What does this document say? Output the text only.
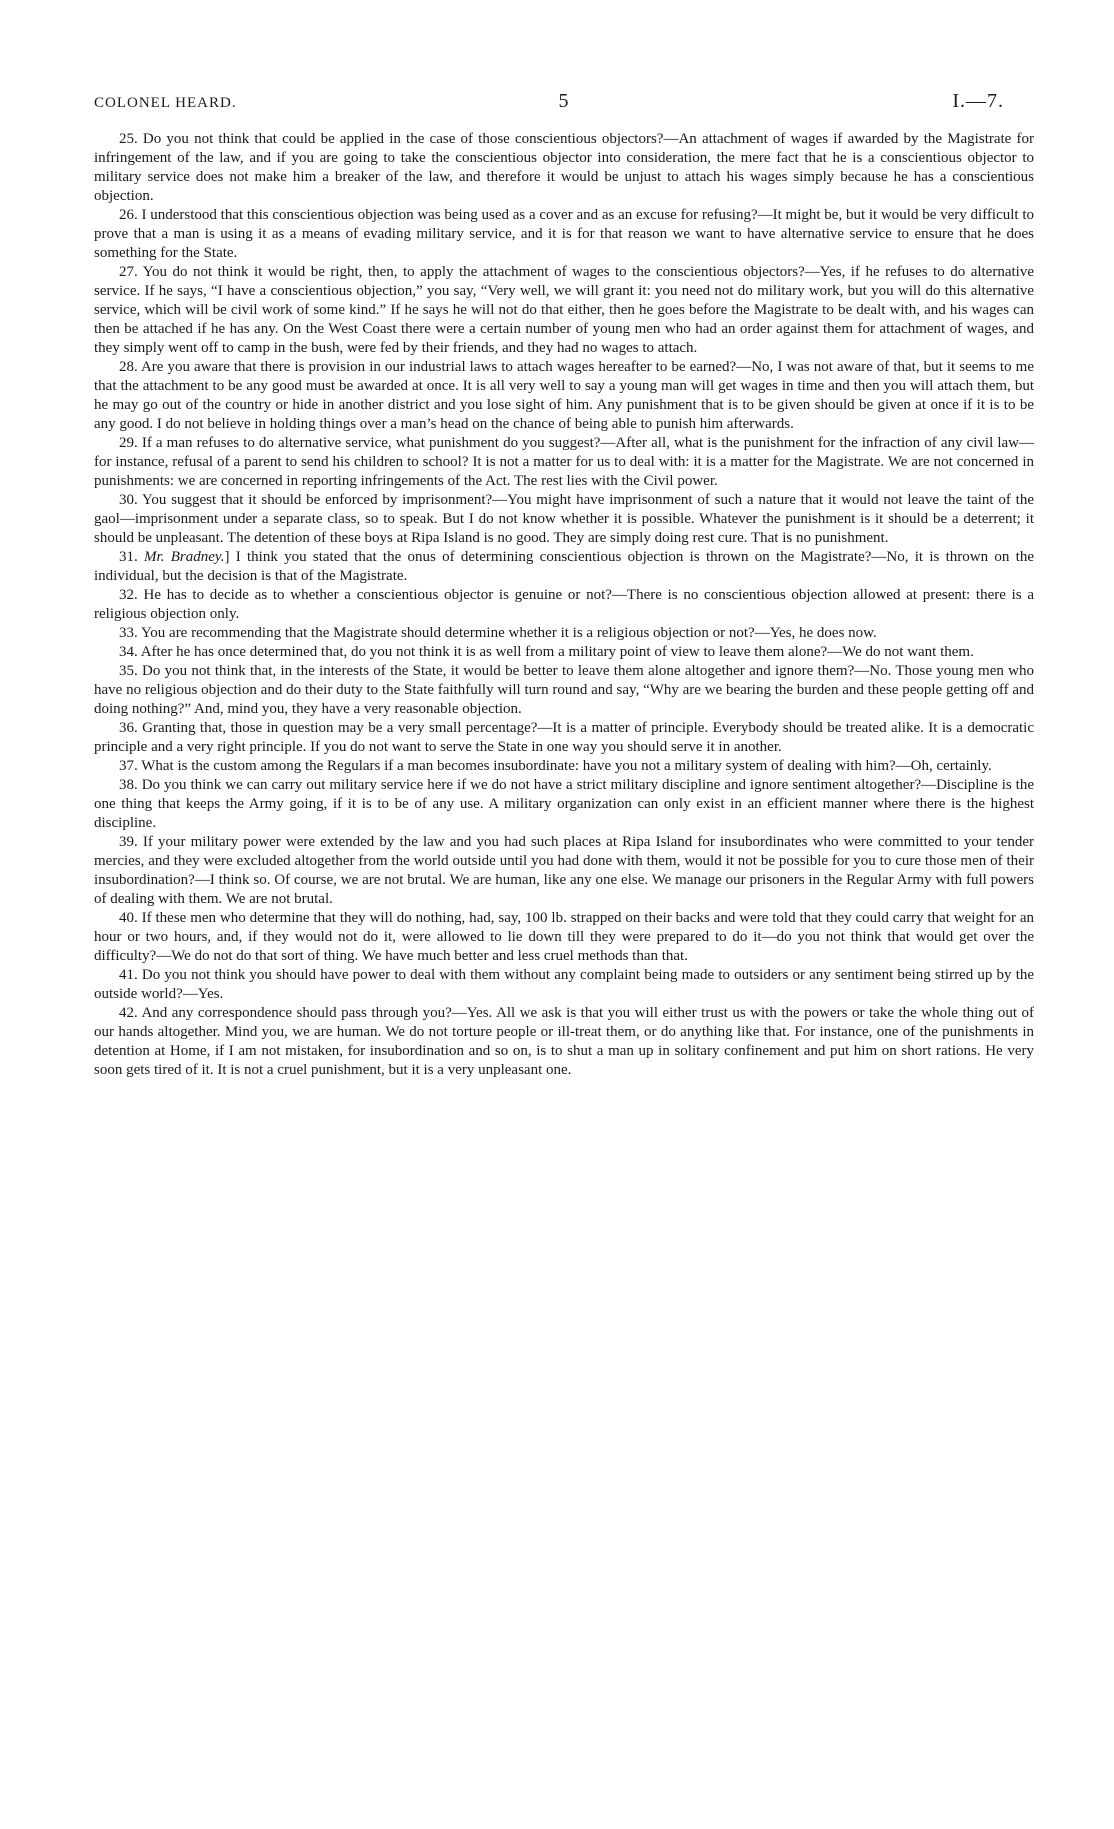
COLONEL HEARD.	5	I.—7.

25. Do you not think that could be applied in the case of those conscientious objectors?—An attachment of wages if awarded by the Magistrate for infringement of the law, and if you are going to take the conscientious objector into consideration, the mere fact that he is a conscientious objector to military service does not make him a breaker of the law, and therefore it would be unjust to attach his wages simply because he has a conscientious objection.

26. I understood that this conscientious objection was being used as a cover and as an excuse for refusing?—It might be, but it would be very difficult to prove that a man is using it as a means of evading military service, and it is for that reason we want to have alternative service to ensure that he does something for the State.

27. You do not think it would be right, then, to apply the attachment of wages to the conscientious objectors?—Yes, if he refuses to do alternative service. If he says, “I have a conscientious objection,” you say, “Very well, we will grant it: you need not do military work, but you will do this alternative service, which will be civil work of some kind.” If he says he will not do that either, then he goes before the Magistrate to be dealt with, and his wages can then be attached if he has any. On the West Coast there were a certain number of young men who had an order against them for attachment of wages, and they simply went off to camp in the bush, were fed by their friends, and they had no wages to attach.

28. Are you aware that there is provision in our industrial laws to attach wages hereafter to be earned?—No, I was not aware of that, but it seems to me that the attachment to be any good must be awarded at once. It is all very well to say a young man will get wages in time and then you will attach them, but he may go out of the country or hide in another district and you lose sight of him. Any punishment that is to be given should be given at once if it is to be any good. I do not believe in holding things over a man’s head on the chance of being able to punish him afterwards.

29. If a man refuses to do alternative service, what punishment do you suggest?—After all, what is the punishment for the infraction of any civil law—for instance, refusal of a parent to send his children to school? It is not a matter for us to deal with: it is a matter for the Magistrate. We are not concerned in punishments: we are concerned in reporting infringements of the Act. The rest lies with the Civil power.

30. You suggest that it should be enforced by imprisonment?—You might have imprisonment of such a nature that it would not leave the taint of the gaol—imprisonment under a separate class, so to speak. But I do not know whether it is possible. Whatever the punishment is it should be a deterrent; it should be unpleasant. The detention of these boys at Ripa Island is no good. They are simply doing rest cure. That is no punishment.

31. Mr. Bradney.] I think you stated that the onus of determining conscientious objection is thrown on the Magistrate?—No, it is thrown on the individual, but the decision is that of the Magistrate.

32. He has to decide as to whether a conscientious objector is genuine or not?—There is no conscientious objection allowed at present: there is a religious objection only.

33. You are recommending that the Magistrate should determine whether it is a religious objection or not?—Yes, he does now.

34. After he has once determined that, do you not think it is as well from a military point of view to leave them alone?—We do not want them.

35. Do you not think that, in the interests of the State, it would be better to leave them alone altogether and ignore them?—No. Those young men who have no religious objection and do their duty to the State faithfully will turn round and say, “Why are we bearing the burden and these people getting off and doing nothing?” And, mind you, they have a very reasonable objection.

36. Granting that, those in question may be a very small percentage?—It is a matter of principle. Everybody should be treated alike. It is a democratic principle and a very right principle. If you do not want to serve the State in one way you should serve it in another.

37. What is the custom among the Regulars if a man becomes insubordinate: have you not a military system of dealing with him?—Oh, certainly.

38. Do you think we can carry out military service here if we do not have a strict military discipline and ignore sentiment altogether?—Discipline is the one thing that keeps the Army going, if it is to be of any use. A military organization can only exist in an efficient manner where there is the highest discipline.

39. If your military power were extended by the law and you had such places at Ripa Island for insubordinates who were committed to your tender mercies, and they were excluded altogether from the world outside until you had done with them, would it not be possible for you to cure those men of their insubordination?—I think so. Of course, we are not brutal. We are human, like any one else. We manage our prisoners in the Regular Army with full powers of dealing with them. We are not brutal.

40. If these men who determine that they will do nothing, had, say, 100 lb. strapped on their backs and were told that they could carry that weight for an hour or two hours, and, if they would not do it, were allowed to lie down till they were prepared to do it—do you not think that would get over the difficulty?—We do not do that sort of thing. We have much better and less cruel methods than that.

41. Do you not think you should have power to deal with them without any complaint being made to outsiders or any sentiment being stirred up by the outside world?—Yes.

42. And any correspondence should pass through you?—Yes. All we ask is that you will either trust us with the powers or take the whole thing out of our hands altogether. Mind you, we are human. We do not torture people or ill-treat them, or do anything like that. For instance, one of the punishments in detention at Home, if I am not mistaken, for insubordination and so on, is to shut a man up in solitary confinement and put him on short rations. He very soon gets tired of it. It is not a cruel punishment, but it is a very unpleasant one.
